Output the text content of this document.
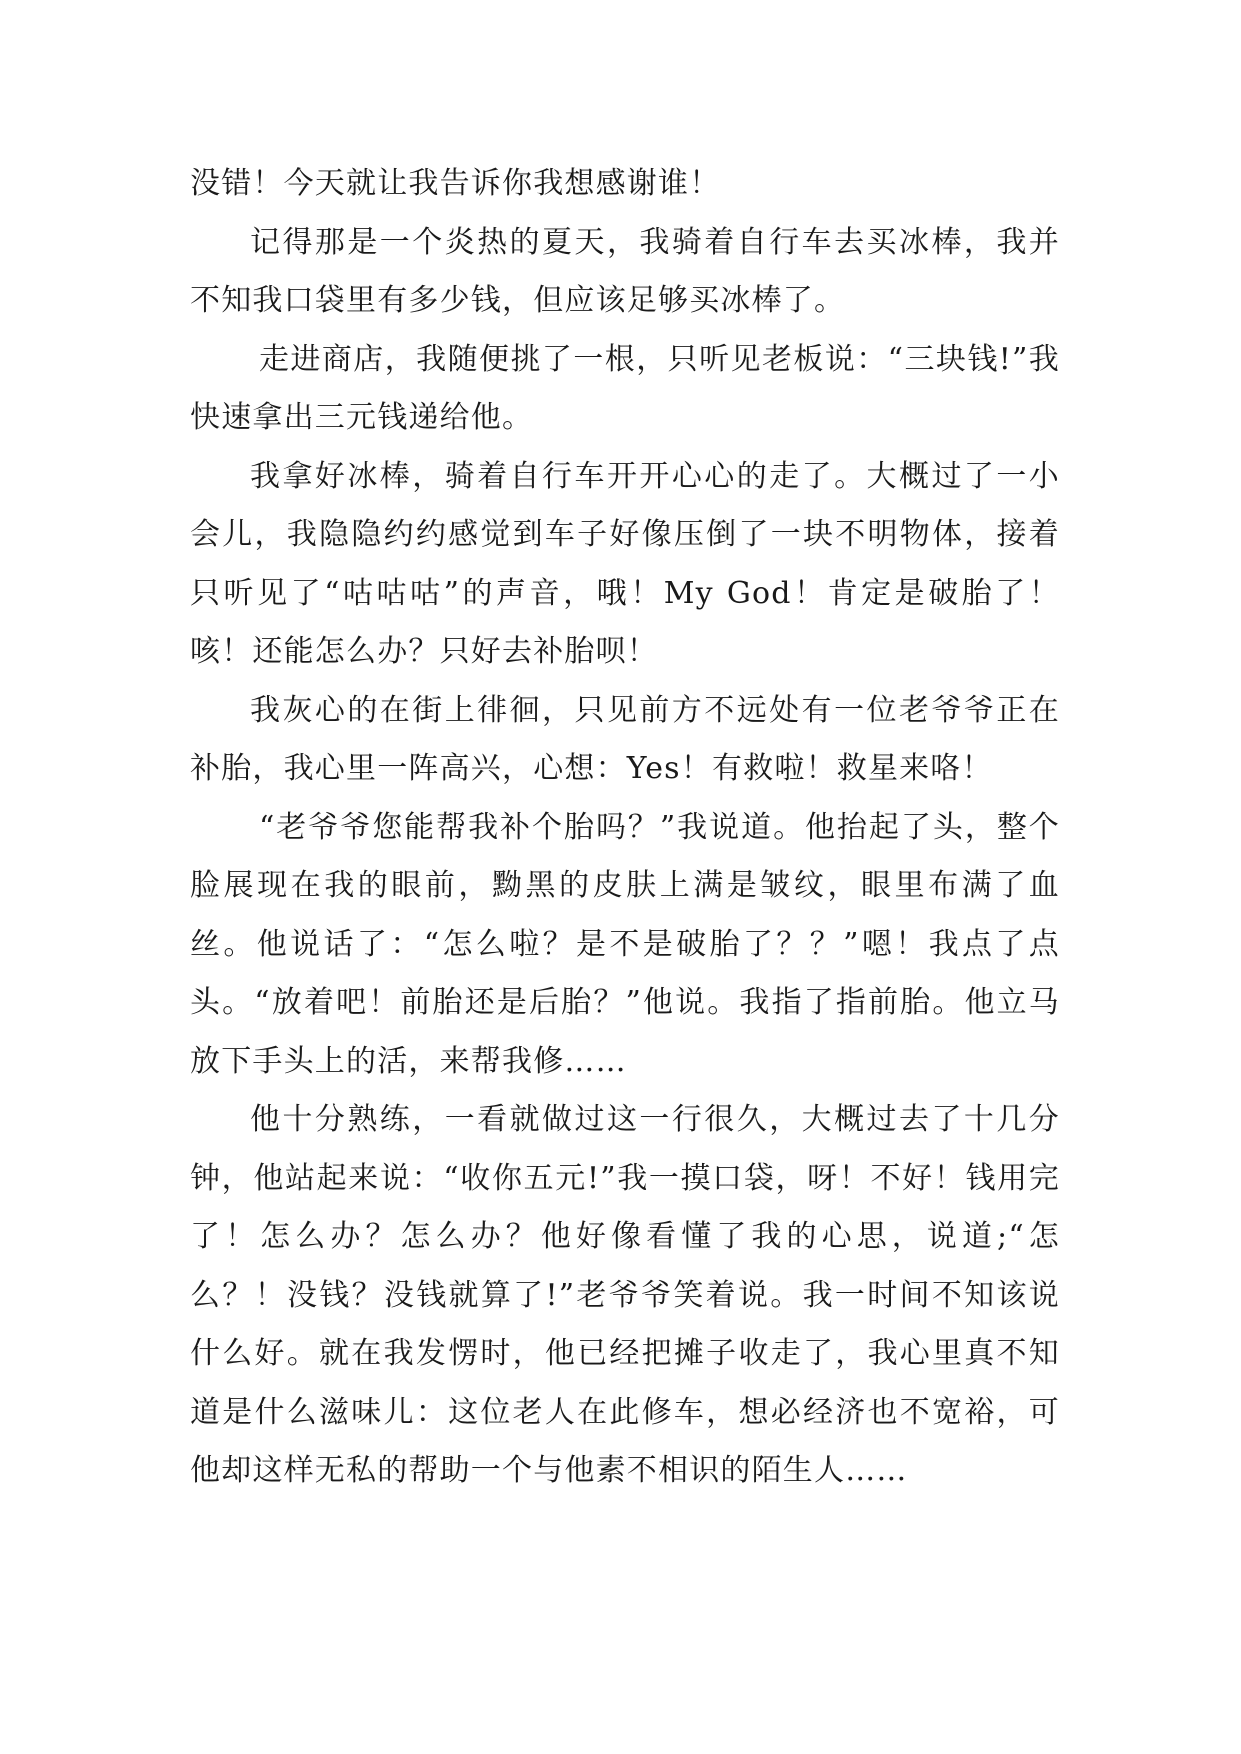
没错！今天就让我告诉你我想感谢谁！

记得那是一个炎热的夏天，我骑着自行车去买冰棒，我并不知我口袋里有多少钱，但应该足够买冰棒了。

走进商店，我随便挑了一根，只听见老板说：“三块钱!”我快速拿出三元钱递给他。

我拿好冰棒，骑着自行车开开心心的走了。大概过了一小会儿，我隐隐约约感觉到车子好像压倒了一块不明物体，接着只听见了“咕咕咕”的声音，哦！My God！肯定是破胎了！咳！还能怎么办？只好去补胎呗！

我灰心的在街上徘徊，只见前方不远处有一位老爷爷正在补胎，我心里一阵高兴，心想：Yes！有救啦！救星来咯！

“老爷爷您能帮我补个胎吗？”我说道。他抬起了头，整个脸展现在我的眼前，黝黑的皮肤上满是皱纹，眼里布满了血丝。他说话了：“怎么啦？是不是破胎了？？”嗯！我点了点头。“放着吧！前胎还是后胎？”他说。我指了指前胎。他立马放下手头上的活，来帮我修……

他十分熟练，一看就做过这一行很久，大概过去了十几分钟，他站起来说：“收你五元!”我一摸口袋，呀！不好！钱用完了！怎么办？怎么办？他好像看懂了我的心思，说道;“怎么？！没钱？没钱就算了!”老爷爷笑着说。我一时间不知该说什么好。就在我发愣时，他已经把摊子收走了，我心里真不知道是什么滋味儿：这位老人在此修车，想必经济也不宽裕，可他却这样无私的帮助一个与他素不相识的陌生人……
